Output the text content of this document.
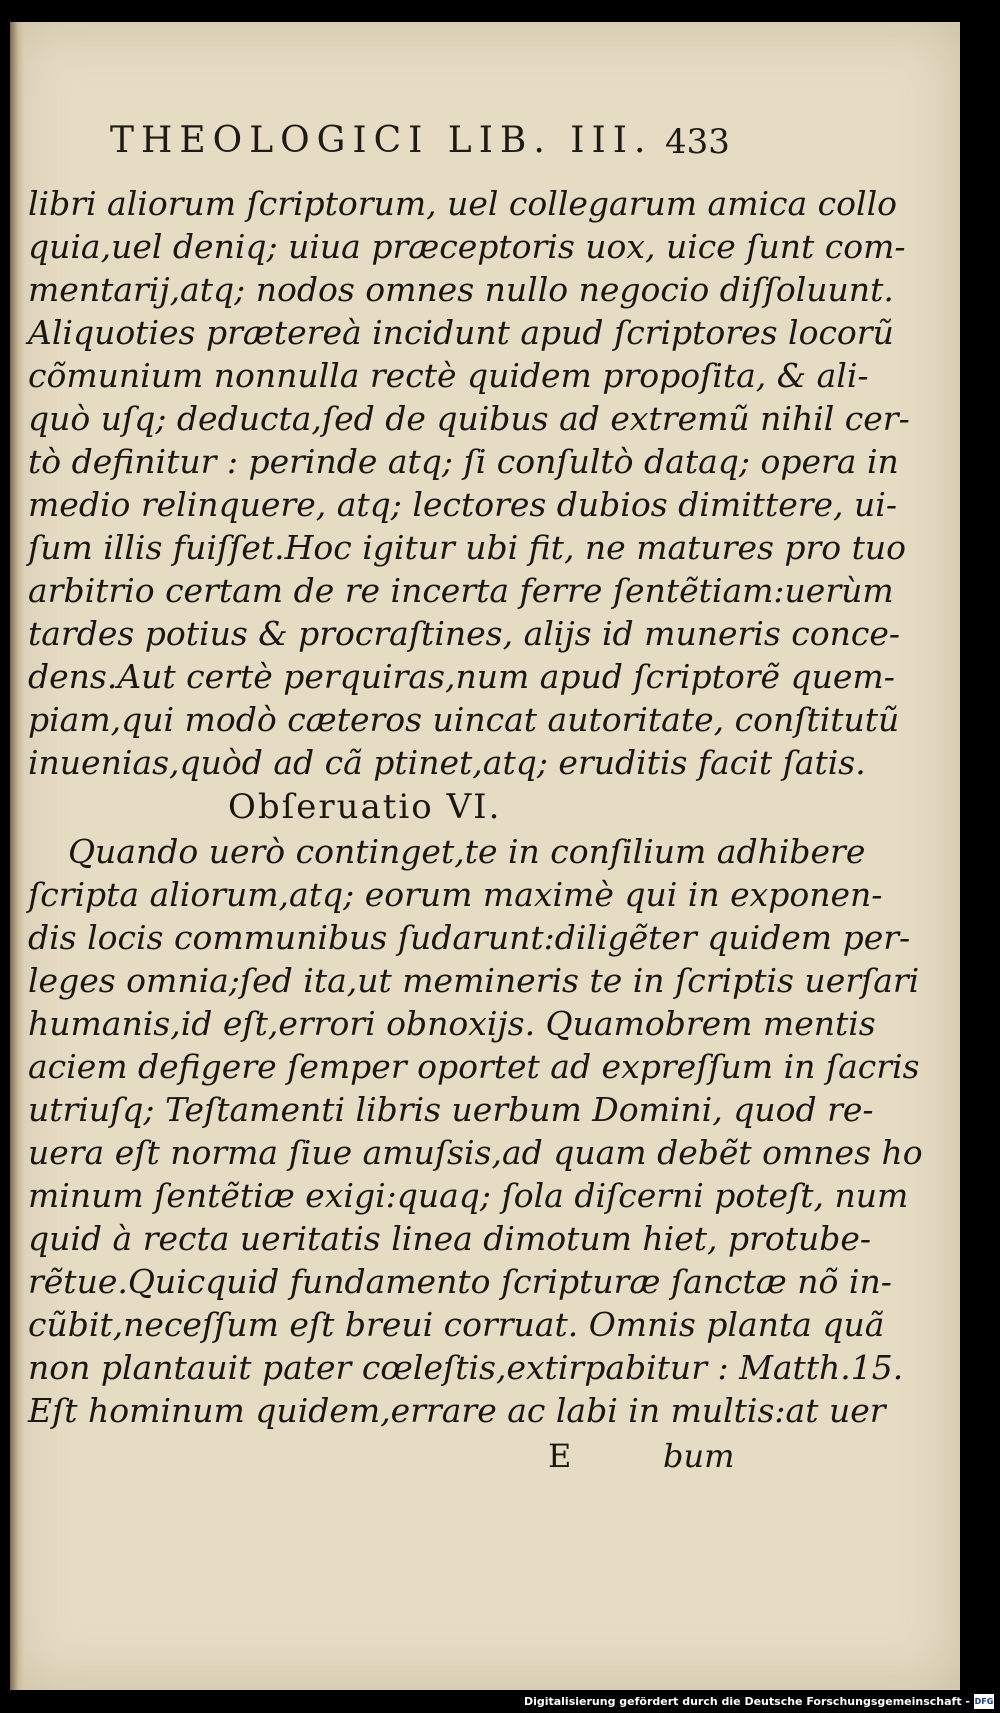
THEOLOGICI LIB. III. 433
libri aliorum ſcriptorum, uel collegarum amica collo
quia,uel deniq; uiua præceptoris uox, uice ſunt com-
mentarij,atq; nodos omnes nullo negocio diſſoluunt.
Aliquoties prætereà incidunt apud ſcriptores locorũ
cõmunium nonnulla rectè quidem propoſita, & ali-
quò uſq; deducta,ſed de quibus ad extremũ nihil cer-
tò definitur : perinde atq; ſi conſultò dataq; opera in
medio relinquere, atq; lectores dubios dimittere, ui-
ſum illis fuiſſet.Hoc igitur ubi fit, ne matures pro tuo
arbitrio certam de re incerta ferre ſentẽtiam:uerùm
tardes potius & procraſtines, alijs id muneris conce-
dens.Aut certè perquiras,num apud ſcriptorẽ quem-
piam,qui modò cæteros uincat autoritate, conſtitutũ
inuenias,quòd ad cã ptinet,atq; eruditis facit ſatis.
Obſeruatio VI.
Quando uerò continget,te in conſilium adhibere
ſcripta aliorum,atq; eorum maximè qui in exponen-
dis locis communibus ſudarunt:diligẽter quidem per-
leges omnia;ſed ita,ut memineris te in ſcriptis uerſari
humanis,id eſt,errori obnoxijs. Quamobrem mentis
aciem defigere ſemper oportet ad expreſſum in ſacris
utriuſq; Teſtamenti libris uerbum Domini, quod re-
uera eſt norma ſiue amuſsis,ad quam debẽt omnes ho
minum ſentẽtiæ exigi:quaq; ſola diſcerni poteſt, num
quid à recta ueritatis linea dimotum hiet, protube-
rẽtue.Quicquid fundamento ſcripturæ ſanctæ nõ in-
cũbit,neceſſum eſt breui corruat. Omnis planta quã
non plantauit pater cœleſtis,extirpabitur : Matth.15.
Eſt hominum quidem,errare ac labi in multis:at uer
E	bum
Digitalisierung gefördert durch die Deutsche Forschungsgemeinschaft - DFG
